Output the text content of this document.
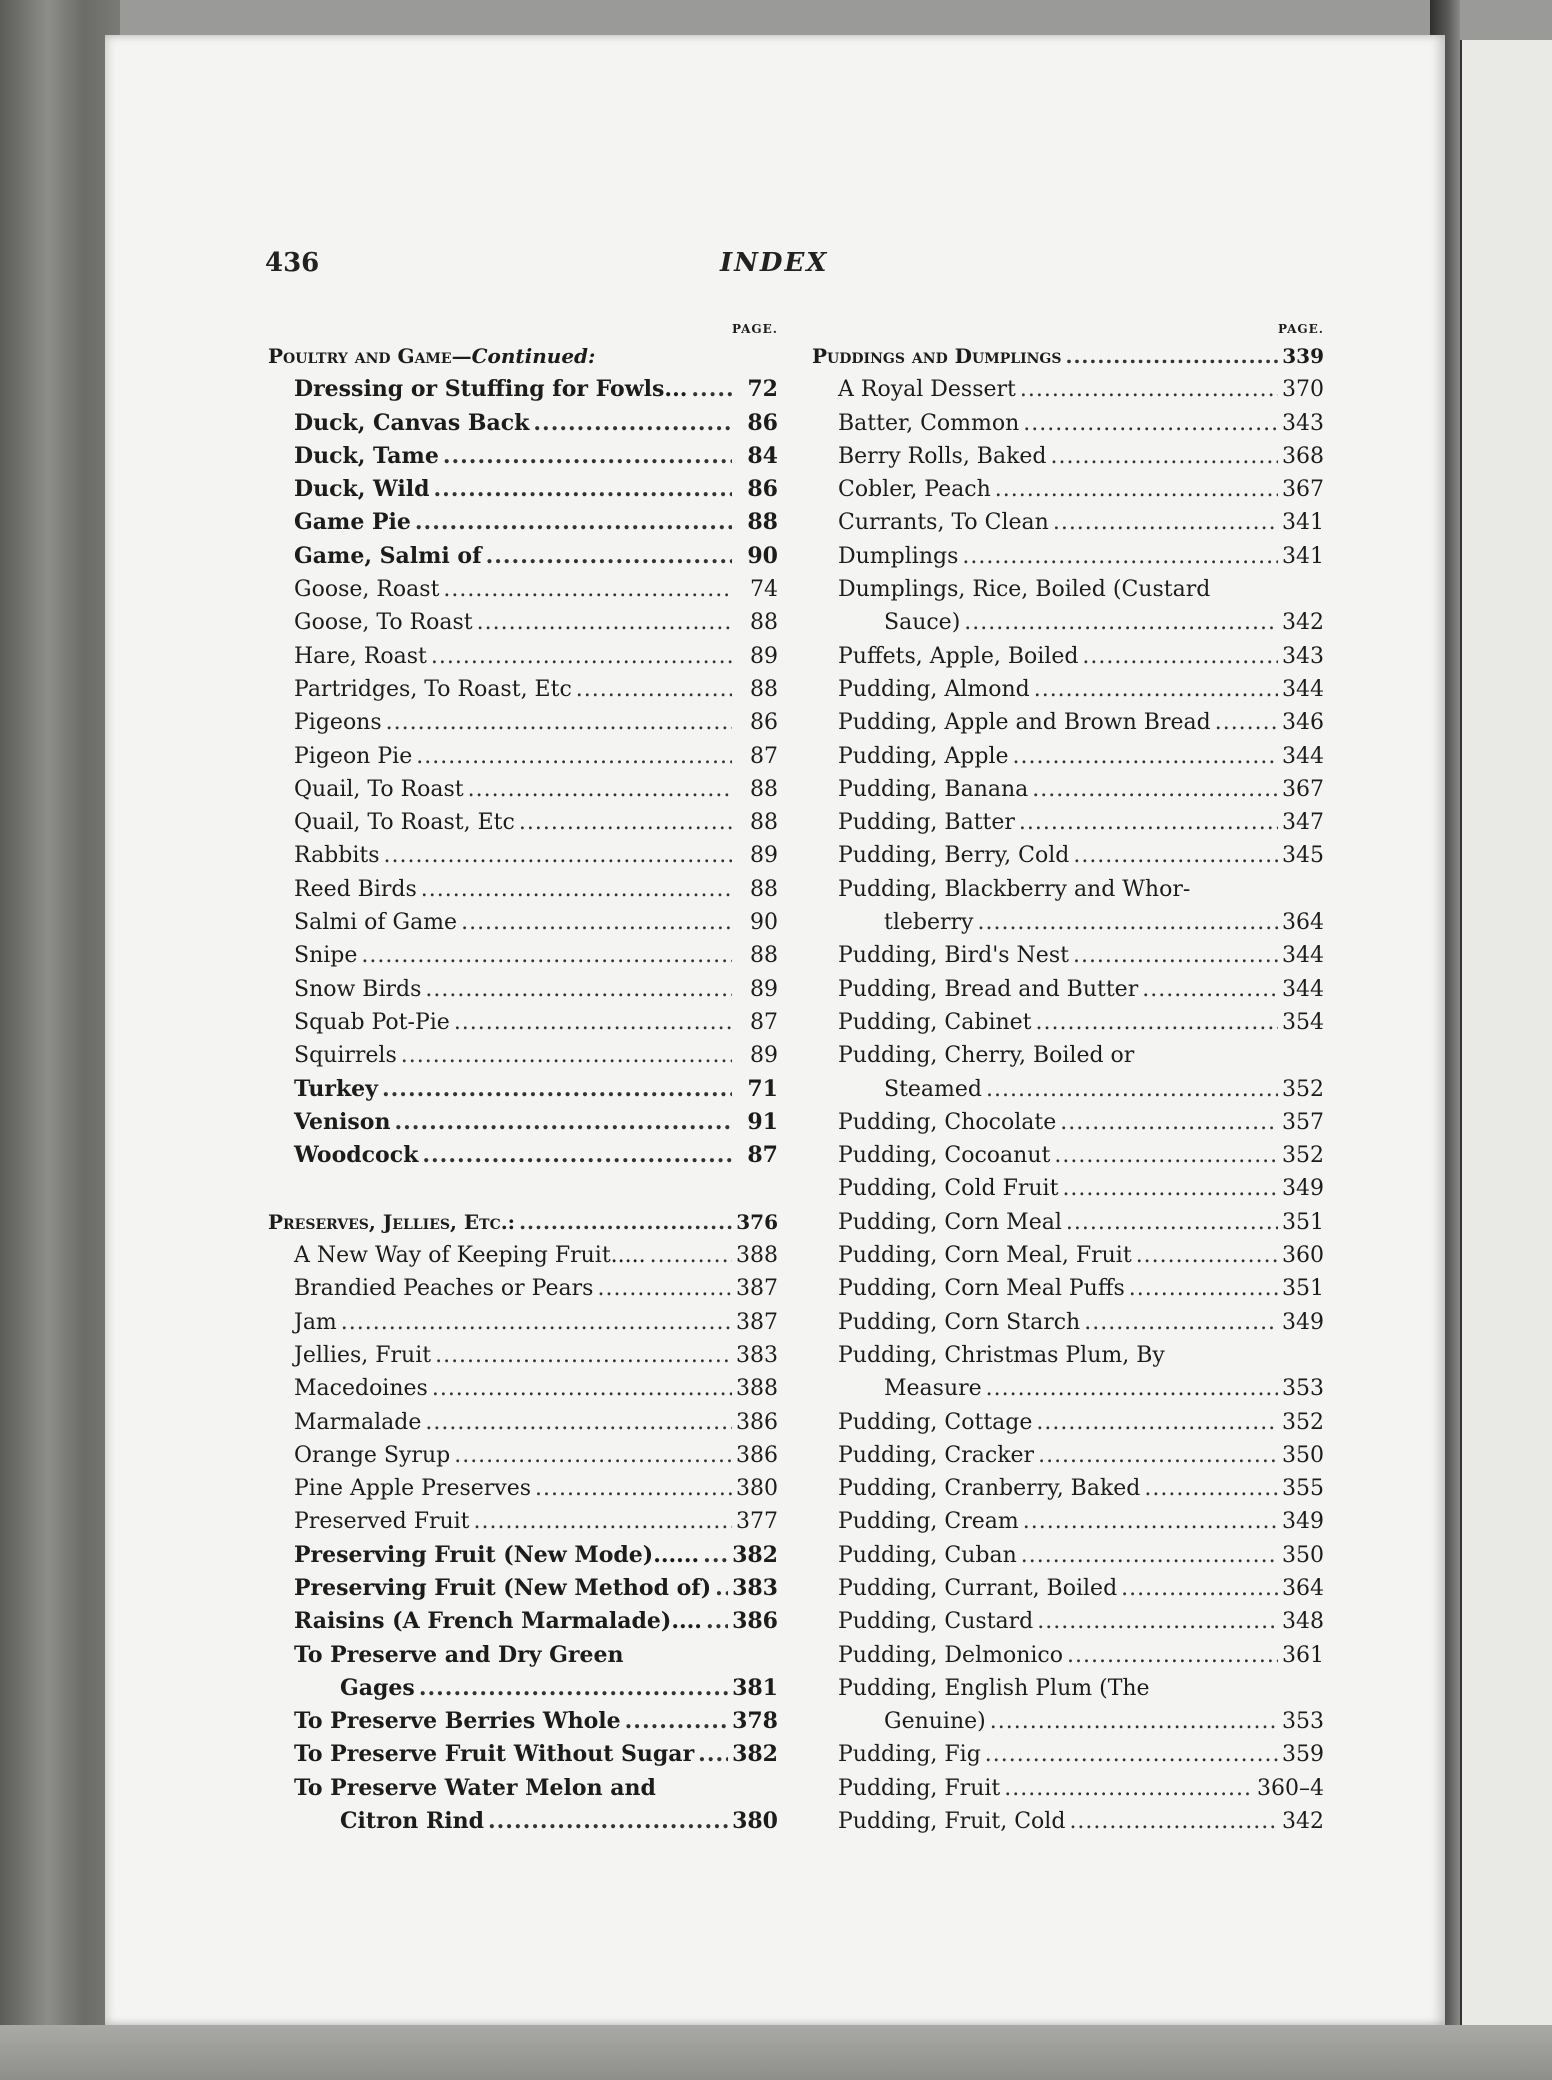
436	INDEX
PAGE.
Poultry and Game— Continued:
Dressing or Stuffing for Fowls... .....	72
Duck, Canvas Back .....	86
Duck, Tame .....	84
Duck, Wild .....	86
Game Pie .....	88
Game, Salmi of .....	90
Goose, Roast .....	74
Goose, To Roast .....	88
Hare, Roast .....	89
Partridges, To Roast, Etc .....	88
Pigeons .....	86
Pigeon Pie .....	87
Quail, To Roast .....	88
Quail, To Roast, Etc .....	88
Rabbits .....	89
Reed Birds .....	88
Salmi of Game .....	90
Snipe .....	88
Snow Birds .....	89
Squab Pot-Pie .....	87
Squirrels .....	89
Turkey .....	71
Venison .....	91
Woodcock .....	87
Preserves, Jellies, Etc.: .....	376
A New Way of Keeping Fruit..... .....	388
Brandied Peaches or Pears .....	387
Jam .....	387
Jellies, Fruit .....	383
Macedoines .....	388
Marmalade .....	386
Orange Syrup .....	386
Pine Apple Preserves .....	380
Preserved Fruit .....	377
Preserving Fruit (New Mode)...... ..... 382
Preserving Fruit (New Method of) ..... 383
Raisins (A French Marmalade).... ..... 386
To Preserve and Dry Green
Gages .....	381
To Preserve Berries Whole .....	378
To Preserve Fruit Without Sugar ..... 382
To Preserve Water Melon and
Citron Rind .....	380
PAGE.
Puddings and Dumplings .....	339
A Royal Dessert .....	370
Batter, Common .....	343
Berry Rolls, Baked .....	368
Cobler, Peach .....	367
Currants, To Clean .....	341
Dumplings .....	341
Dumplings, Rice, Boiled (Custard
Sauce) .....	342
Puffets, Apple, Boiled .....	343
Pudding, Almond .....	344
Pudding, Apple and Brown Bread .....	346
Pudding, Apple .....	344
Pudding, Banana .....	367
Pudding, Batter .....	347
Pudding, Berry, Cold .....	345
Pudding, Blackberry and Whor-
tleberry .....	364
Pudding, Bird's Nest .....	344
Pudding, Bread and Butter .....	344
Pudding, Cabinet .....	354
Pudding, Cherry, Boiled or
Steamed .....	352
Pudding, Chocolate .....	357
Pudding, Cocoanut .....	352
Pudding, Cold Fruit .....	349
Pudding, Corn Meal .....	351
Pudding, Corn Meal, Fruit .....	360
Pudding, Corn Meal Puffs .....	351
Pudding, Corn Starch .....	349
Pudding, Christmas Plum, By
Measure .....	353
Pudding, Cottage .....	352
Pudding, Cracker .....	350
Pudding, Cranberry, Baked .....	355
Pudding, Cream .....	349
Pudding, Cuban .....	350
Pudding, Currant, Boiled .....	364
Pudding, Custard .....	348
Pudding, Delmonico .....	361
Pudding, English Plum (The
Genuine) .....	353
Pudding, Fig .....	359
Pudding, Fruit .....	360–4
Pudding, Fruit, Cold .....	342
